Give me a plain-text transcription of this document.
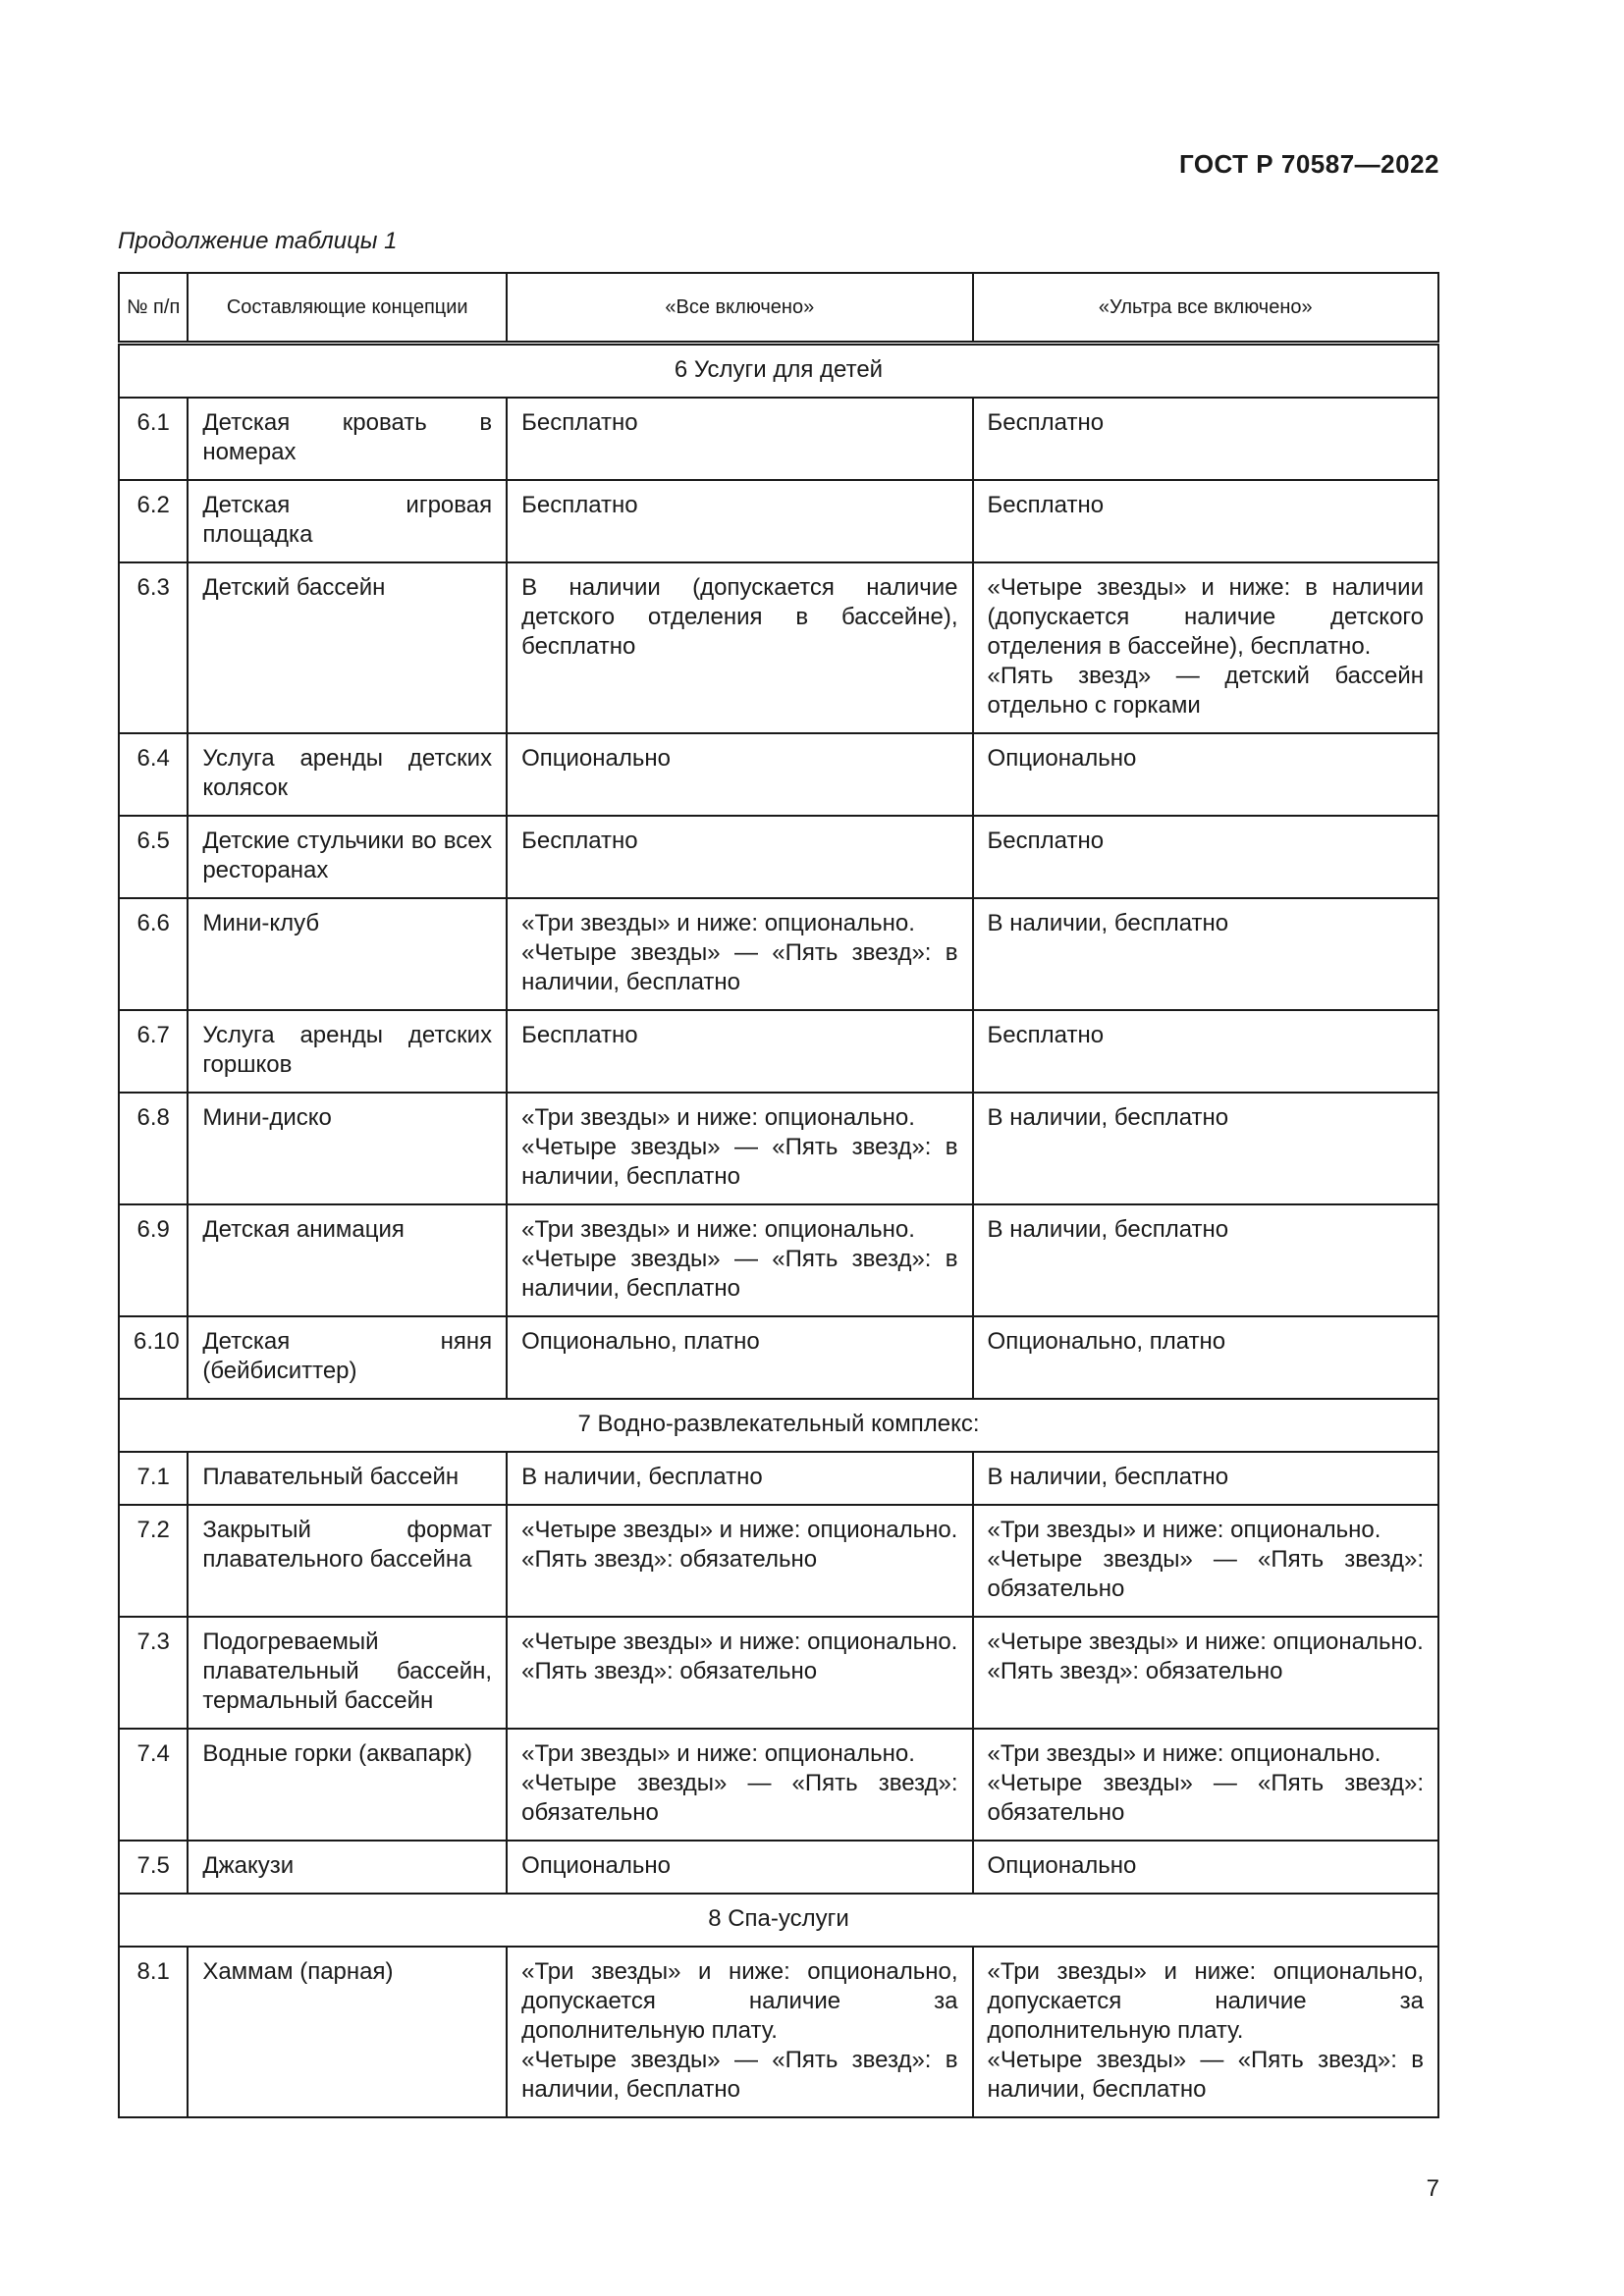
ГОСТ Р 70587—2022
Продолжение таблицы 1
№ п/п	Составляющие концепции	«Все включено»	«Ультра все включено»
6 Услуги для детей			
6.1	Детская кровать в номерах	Бесплатно	Бесплатно

6.2	Детская игровая площадка	Бесплатно	Бесплатно

6.3	Детский бассейн	В наличии (допускается наличие детского отделения в бассейне), бесплатно	«Четыре звезды» и ниже: в наличии (допускается наличие детского отделения в бассейне), бесплатно.
«Пять звезд» — детский бассейн отдельно с горками

6.4	Услуга аренды детских колясок	Опционально	Опционально

6.5	Детские стульчики во всех ресторанах	Бесплатно	Бесплатно

6.6	Мини-клуб	«Три звезды» и ниже: опционально.
«Четыре звезды» — «Пять звезд»: в наличии, бесплатно	В наличии, бесплатно

6.7	Услуга аренды детских горшков	Бесплатно	Бесплатно

6.8	Мини-диско	«Три звезды» и ниже: опционально.
«Четыре звезды» — «Пять звезд»: в наличии, бесплатно	В наличии, бесплатно

6.9	Детская анимация	«Три звезды» и ниже: опционально.
«Четыре звезды» — «Пять звезд»: в наличии, бесплатно	В наличии, бесплатно

6.10	Детская няня (бейбиситтер)	Опционально, платно	Опционально, платно

7 Водно-развлекательный комплекс:			
7.1	Плавательный бассейн	В наличии, бесплатно	В наличии, бесплатно

7.2	Закрытый формат плавательного бассейна	«Четыре звезды» и ниже: опционально.
«Пять звезд»: обязательно	«Три звезды» и ниже: опционально.
«Четыре звезды» — «Пять звезд»: обязательно

7.3	Подогреваемый плавательный бассейн, термальный бассейн	«Четыре звезды» и ниже: опционально.
«Пять звезд»: обязательно	«Четыре звезды» и ниже: опционально.
«Пять звезд»: обязательно

7.4	Водные горки (аквапарк)	«Три звезды» и ниже: опционально.
«Четыре звезды» — «Пять звезд»: обязательно	«Три звезды» и ниже: опционально.
«Четыре звезды» — «Пять звезд»: обязательно

7.5	Джакузи	Опционально	Опционально

8 Спа-услуги			
8.1	Хаммам (парная)	«Три звезды» и ниже: опционально, допускается наличие за дополнительную плату.
«Четыре звезды» — «Пять звезд»: в наличии, бесплатно	«Три звезды» и ниже: опционально, допускается наличие за дополнительную плату.
«Четыре звезды» — «Пять звезд»: в наличии, бесплатно
7
